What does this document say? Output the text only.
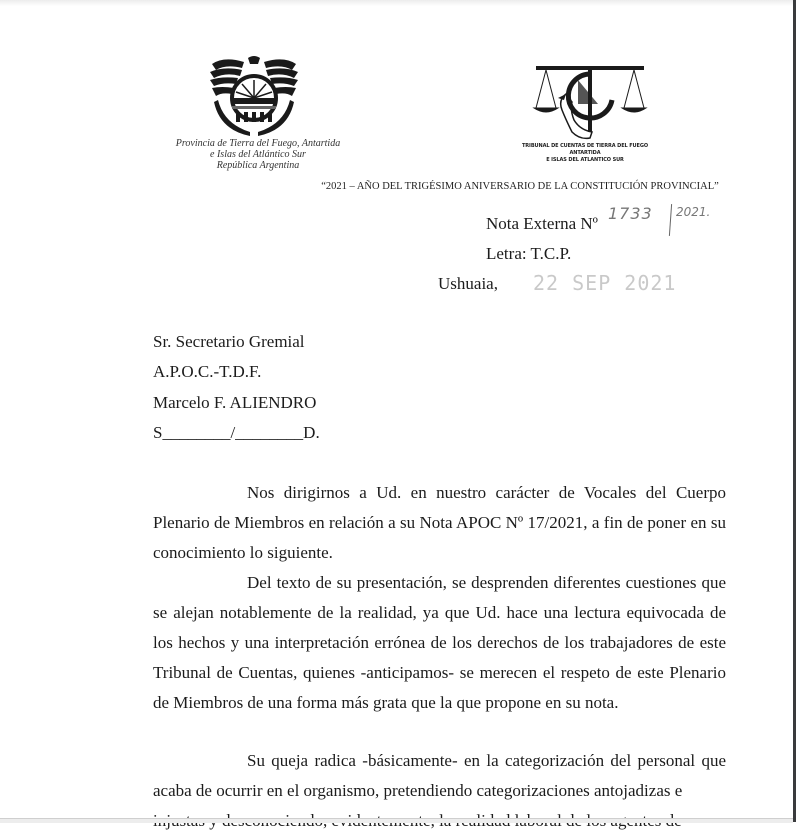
Provincia de Tierra del Fuego, Antartida
e Islas del Atlántico Sur
República Argentina
TRIBUNAL DE CUENTAS DE TIERRA DEL FUEGO
ANTARTIDA
E ISLAS DEL ATLANTICO SUR
“2021 – AÑO DEL TRIGÉSIMO ANIVERSARIO DE LA CONSTITUCIÓN PROVINCIAL”
Nota Externa Nº
1733 2021.
Letra: T.C.P.
Ushuaia, 22 SEP 2021
Sr. Secretario Gremial
A.P.O.C.-T.D.F.
Marcelo F. ALIENDRO
S________/________D.
Nos dirigirnos a Ud. en nuestro carácter de Vocales del Cuerpo Plenario de Miembros en relación a su Nota APOC Nº 17/2021, a fin de poner en su conocimiento lo siguiente.
Del texto de su presentación, se desprenden diferentes cuestiones que se alejan notablemente de la realidad, ya que Ud. hace una lectura equivocada de los hechos y una interpretación errónea de los derechos de los trabajadores de este Tribunal de Cuentas, quienes -anticipamos- se merecen el respeto de este Plenario de Miembros de una forma más grata que la que propone en su nota.
Su queja radica -básicamente- en la categorización del personal que acaba de ocurrir en el organismo, pretendiendo categorizaciones antojadizas e
